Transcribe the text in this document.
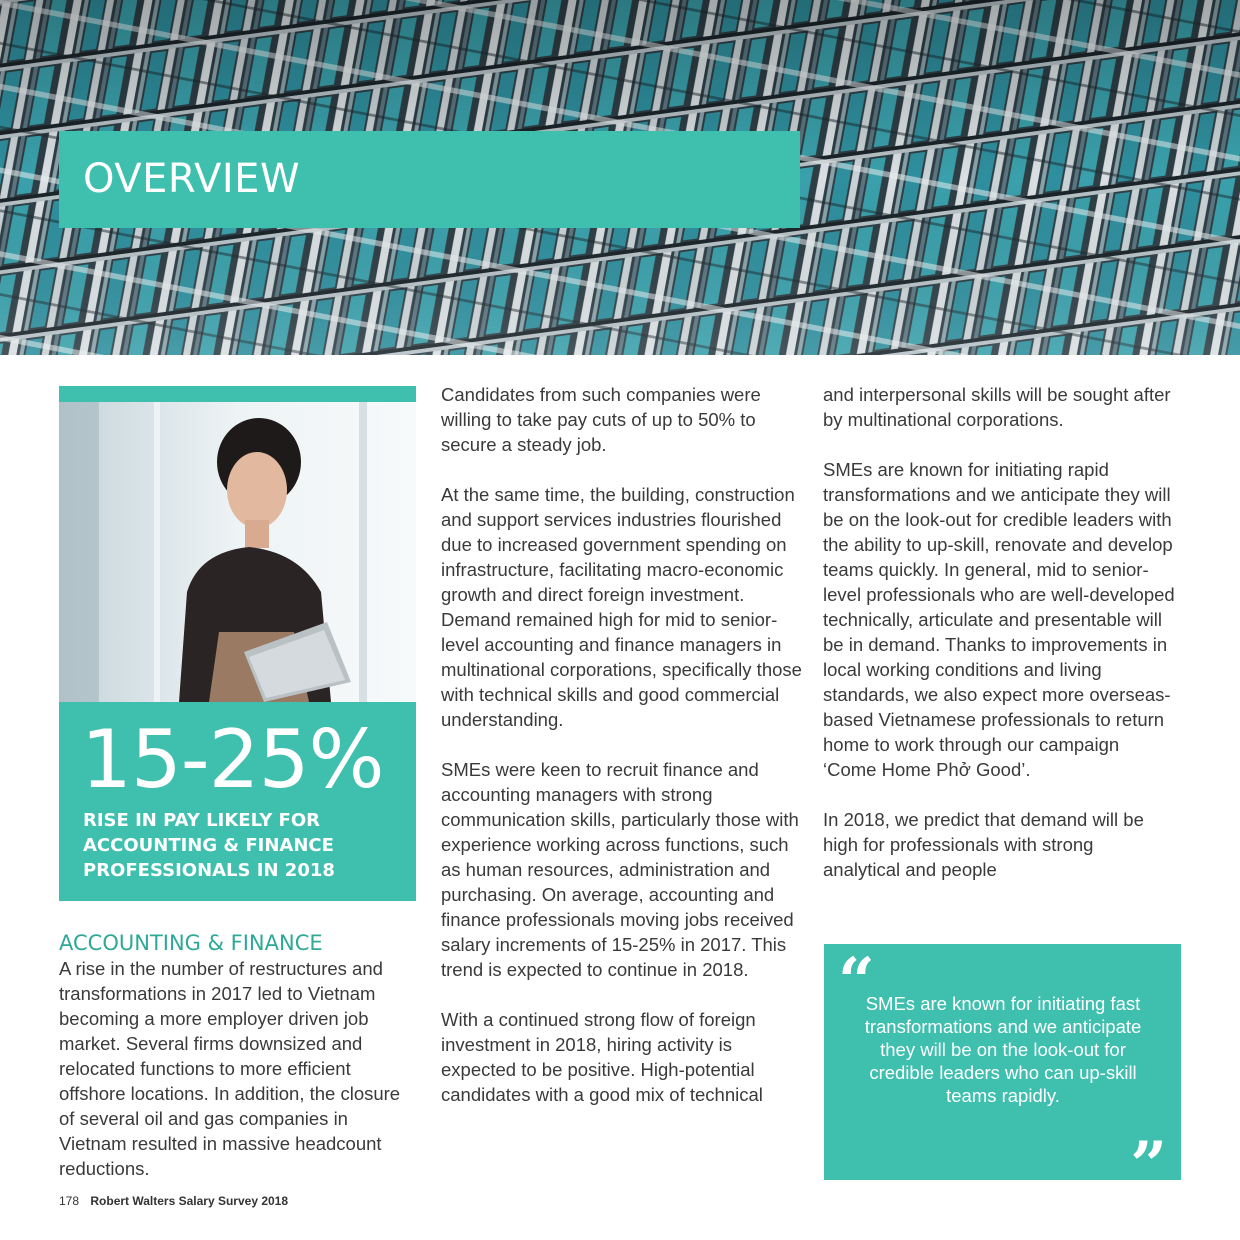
OVERVIEW
15-25%
RISE IN PAY LIKELY FOR ACCOUNTING & FINANCE PROFESSIONALS IN 2018
ACCOUNTING & FINANCE

A rise in the number of restructures and transformations in 2017 led to Vietnam becoming a more employer driven job market. Several firms downsized and relocated functions to more efficient offshore locations. In addition, the closure of several oil and gas companies in Vietnam resulted in massive headcount reductions.

Candidates from such companies were willing to take pay cuts of up to 50% to secure a steady job.

At the same time, the building, construction and support services industries flourished due to increased government spending on infrastructure, facilitating macro-economic growth and direct foreign investment. Demand remained high for mid to senior-level accounting and finance managers in multinational corporations, specifically those with technical skills and good commercial understanding.

SMEs were keen to recruit finance and accounting managers with strong communication skills, particularly those with experience working across functions, such as human resources, administration and purchasing. On average, accounting and finance professionals moving jobs received salary increments of 15-25% in 2017. This trend is expected to continue in 2018.

With a continued strong flow of foreign investment in 2018, hiring activity is expected to be positive. High-potential candidates with a good mix of technical

and interpersonal skills will be sought after by multinational corporations.

SMEs are known for initiating rapid transformations and we anticipate they will be on the look-out for credible leaders with the ability to up-skill, renovate and develop teams quickly. In general, mid to senior-level professionals who are well-developed technically, articulate and presentable will be in demand. Thanks to improvements in local working conditions and living standards, we also expect more overseas-based Vietnamese professionals to return home to work through our campaign ‘Come Home Phở Good’.

In 2018, we predict that demand will be high for professionals with strong analytical and people

“
SMEs are known for initiating fast transformations and we anticipate they will be on the look-out for credible leaders who can up-skill teams rapidly.
”
178 Robert Walters Salary Survey 2018
